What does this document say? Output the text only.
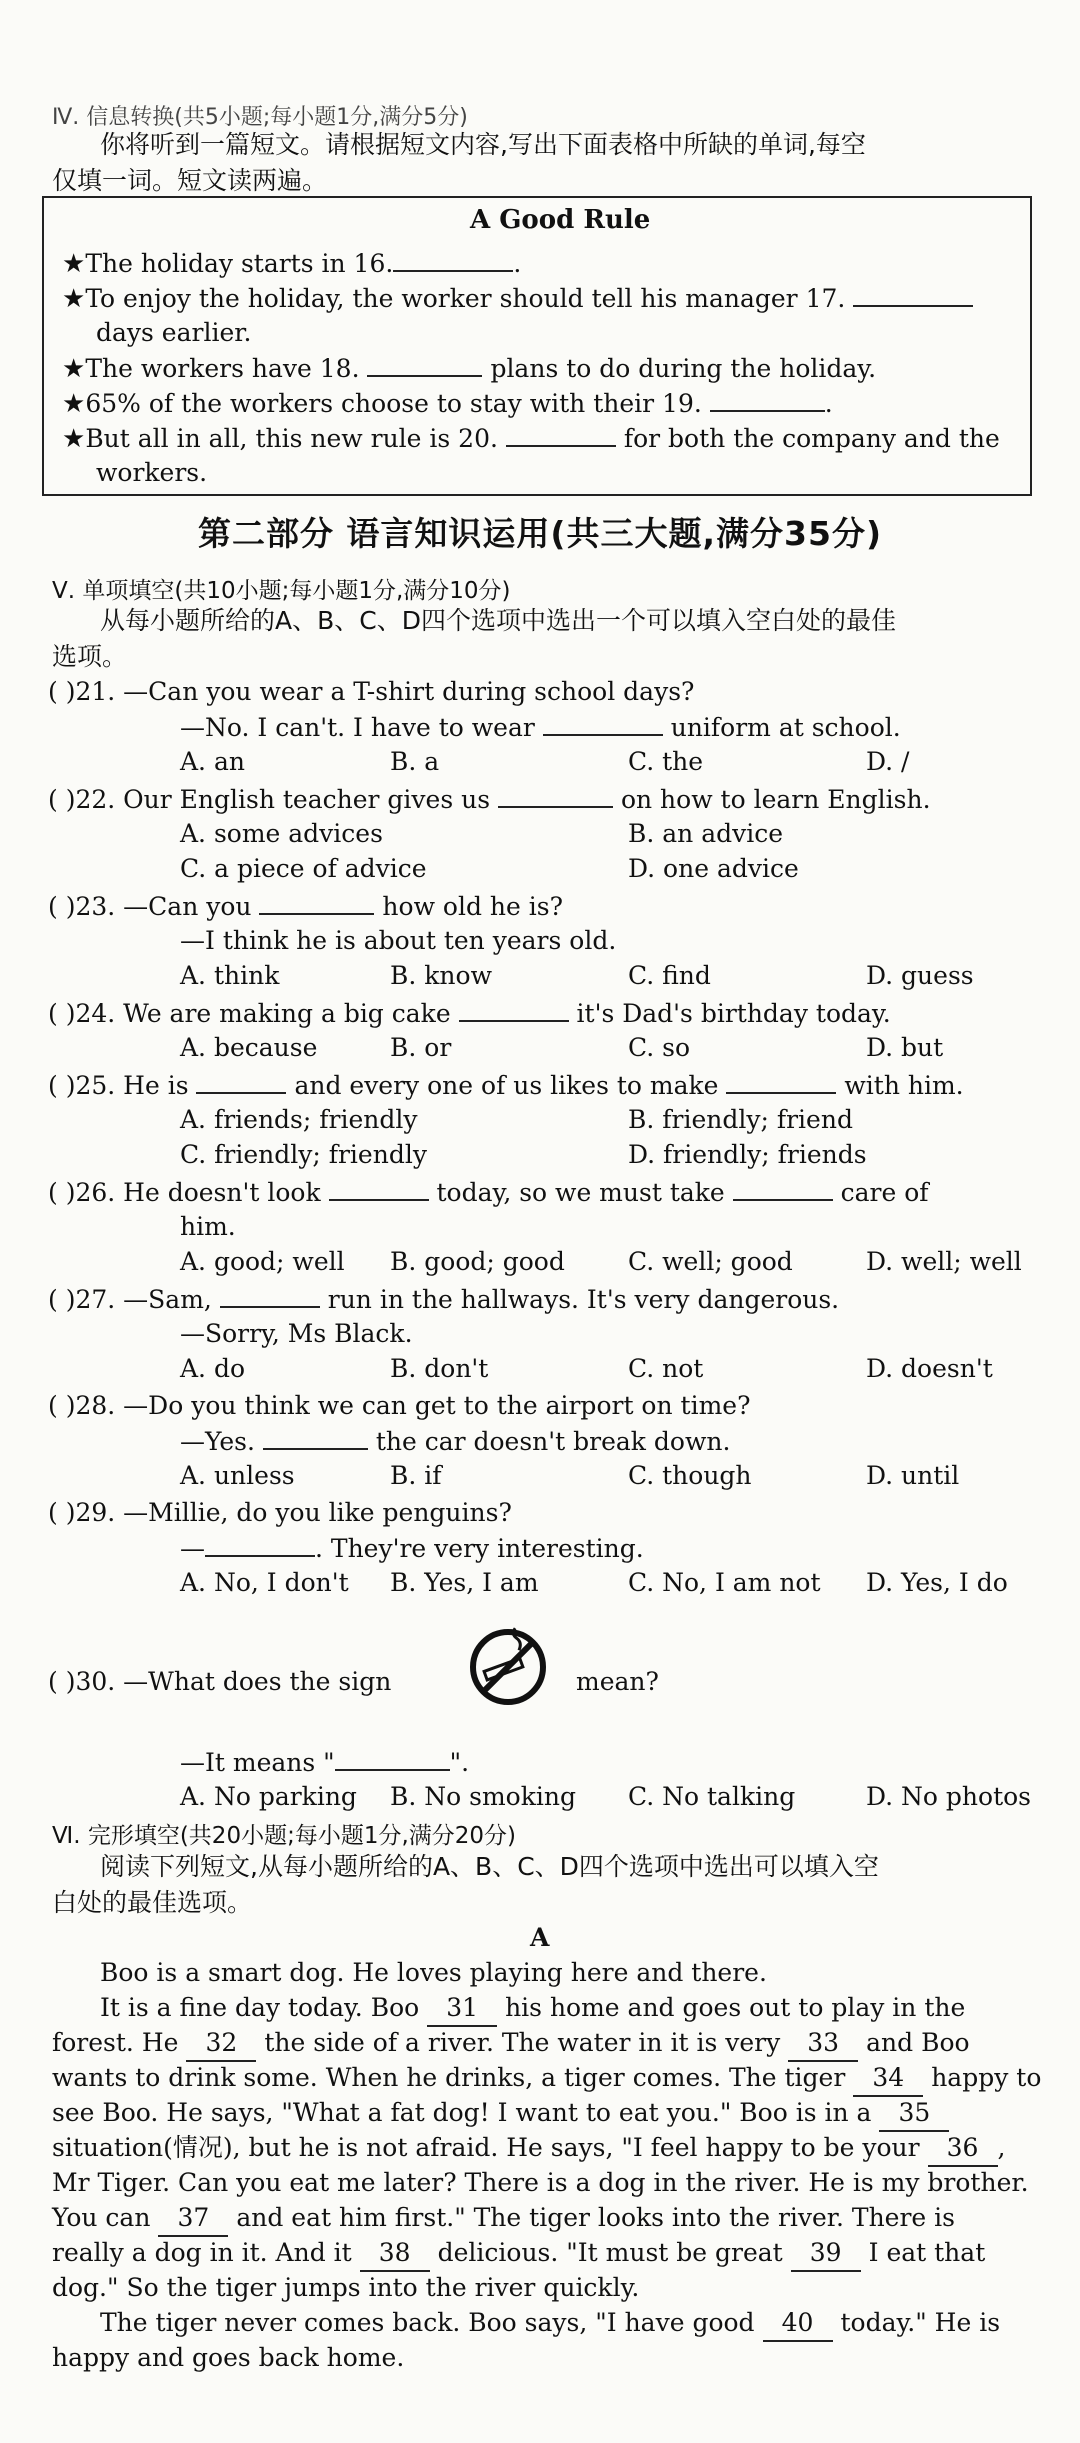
Ⅳ. 信息转换(共5小题;每小题1分,满分5分)
你将听到一篇短文。请根据短文内容,写出下面表格中所缺的单词,每空
仅填一词。短文读两遍。
A Good Rule
★The holiday starts in 16.	.
★To enjoy the holiday, the worker should tell his manager 17.
days earlier.
★The workers have 18.	plans to do during the holiday.
★65% of the workers choose to stay with their 19.	.
★But all in all, this new rule is 20.	for both the company and the
workers.
第二部分 语言知识运用(共三大题,满分35分)
Ⅴ. 单项填空(共10小题;每小题1分,满分10分)
从每小题所给的A、B、C、D四个选项中选出一个可以填入空白处的最佳
选项。
( )21. —Can you wear a T-shirt during school days?
—No. I can't. I have to wear	uniform at school.
A. an	B. a	C. the	D. /
( )22. Our English teacher gives us	on how to learn English.
A. some advices	B. an advice
C. a piece of advice	D. one advice
( )23. —Can you	how old he is?
—I think he is about ten years old.
A. think	B. know	C. find	D. guess
( )24. We are making a big cake	it's Dad's birthday today.
A. because	B. or	C. so	D. but
( )25. He is	and every one of us likes to make	with him.
A. friends; friendly	B. friendly; friend
C. friendly; friendly	D. friendly; friends
( )26. He doesn't look	today, so we must take	care of
him.
A. good; well B. good; good	C. well; good	D. well; well
( )27. —Sam,	run in the hallways. It's very dangerous.
—Sorry, Ms Black.
A. do	B. don't	C. not	D. doesn't
( )28. —Do you think we can get to the airport on time?
—Yes.	the car doesn't break down.
A. unless	B. if	C. though	D. until
( )29. —Millie, do you like penguins?
—	. They're very interesting.
A. No, I don't B. Yes, I am	C. No, I am not D. Yes, I do
( )30. —What does the sign	mean?
—It means "	".
A. No parking B. No smoking C. No talking	D. No photos
Ⅵ. 完形填空(共20小题;每小题1分,满分20分)
阅读下列短文,从每小题所给的A、B、C、D四个选项中选出可以填入空
白处的最佳选项。
A
Boo is a smart dog. He loves playing here and there.
It is a fine day today. Boo 31 his home and goes out to play in the
forest. He 32 the side of a river. The water in it is very 33 and Boo
wants to drink some. When he drinks, a tiger comes. The tiger 34 happy to
see Boo. He says, "What a fat dog! I want to eat you." Boo is in a 35
situation(情况), but he is not afraid. He says, "I feel happy to be your 36 ,
Mr Tiger. Can you eat me later? There is a dog in the river. He is my brother.
You can 37 and eat him first." The tiger looks into the river. There is
really a dog in it. And it 38 delicious. "It must be great 39 I eat that
dog." So the tiger jumps into the river quickly.
The tiger never comes back. Boo says, "I have good 40 today." He is
happy and goes back home.
